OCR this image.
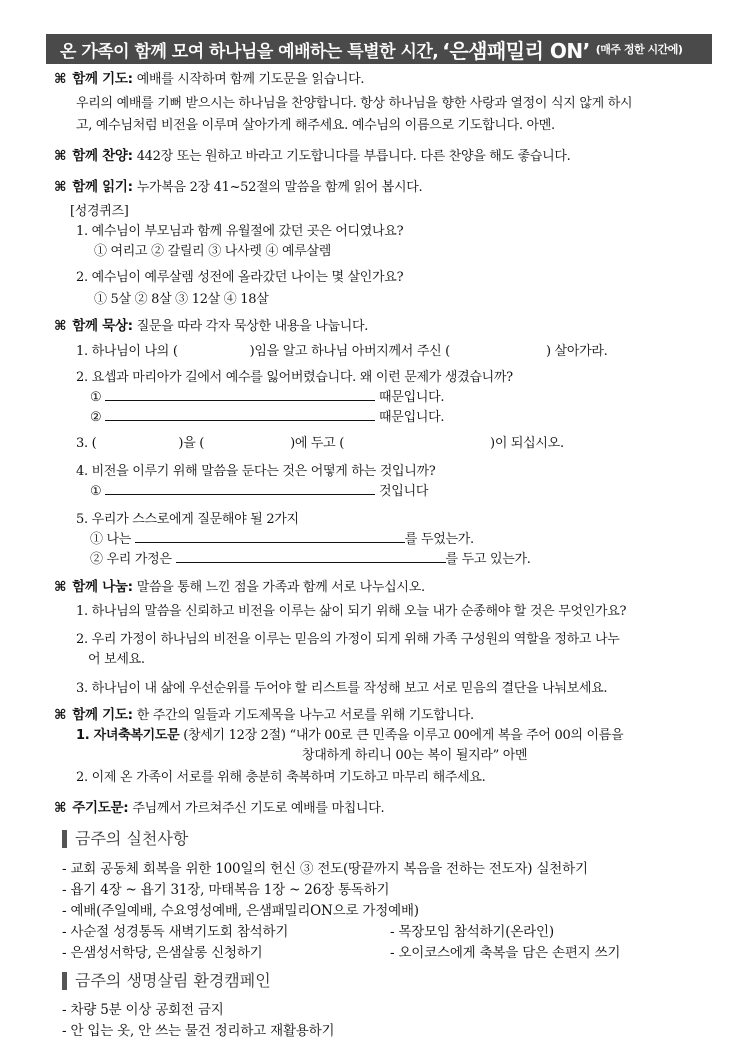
온 가족이 함께 모여 하나님을 예배하는 특별한 시간, ‘은샘패밀리 ON’ (매주 정한 시간에)
⌘ 함께 기도: 예배를 시작하며 함께 기도문을 읽습니다.
우리의 예배를 기뻐 받으시는 하나님을 찬양합니다. 항상 하나님을 향한 사랑과 열정이 식지 않게 하시
고, 예수님처럼 비전을 이루며 살아가게 해주세요. 예수님의 이름으로 기도합니다. 아멘.
⌘ 함께 찬양: 442장 또는 원하고 바라고 기도합니다를 부릅니다. 다른 찬양을 해도 좋습니다.
⌘ 함께 읽기: 누가복음 2장 41~52절의 말씀을 함께 읽어 봅시다.
[성경퀴즈]
1. 예수님이 부모님과 함께 유월절에 갔던 곳은 어디였나요?
① 여리고 ② 갈릴리 ③ 나사렛 ④ 예루살렘
2. 예수님이 예루살렘 성전에 올라갔던 나이는 몇 살인가요?
① 5살 ② 8살 ③ 12살 ④ 18살
⌘ 함께 묵상: 질문을 따라 각자 묵상한 내용을 나눕니다.
1. 하나님이 나의 (	)임을 알고 하나님 아버지께서 주신 (	) 살아가라.
2. 요셉과 마리아가 길에서 예수를 잃어버렸습니다. 왜 이런 문제가 생겼습니까?
①	때문입니다.
②	때문입니다.
3. (	)을 (	)에 두고 (	)이 되십시오.
4. 비전을 이루기 위해 말씀을 둔다는 것은 어떻게 하는 것입니까?
①	것입니다
5. 우리가 스스로에게 질문해야 될 2가지
① 나는	를 두었는가.
② 우리 가정은	를 두고 있는가.
⌘ 함께 나눔: 말씀을 통해 느낀 점을 가족과 함께 서로 나누십시오.
1. 하나님의 말씀을 신뢰하고 비전을 이루는 삶이 되기 위해 오늘 내가 순종해야 할 것은 무엇인가요?
2. 우리 가정이 하나님의 비전을 이루는 믿음의 가정이 되게 위해 가족 구성원의 역할을 정하고 나누
어 보세요.
3. 하나님이 내 삶에 우선순위를 두어야 할 리스트를 작성해 보고 서로 믿음의 결단을 나눠보세요.
⌘ 함께 기도: 한 주간의 일들과 기도제목을 나누고 서로를 위해 기도합니다.
1. 자녀축복기도문 (창세기 12장 2절) “내가 00로 큰 민족을 이루고 00에게 복을 주어 00의 이름을
창대하게 하리니 00는 복이 될지라” 아멘
2. 이제 온 가족이 서로를 위해 충분히 축복하며 기도하고 마무리 해주세요.
⌘ 주기도문: 주님께서 가르쳐주신 기도로 예배를 마칩니다.
금주의 실천사항
- 교회 공동체 회복을 위한 100일의 헌신 ③ 전도(땅끝까지 복음을 전하는 전도자) 실천하기
- 욥기 4장 ~ 욥기 31장, 마태복음 1장 ~ 26장 통독하기
- 예배(주일예배, 수요영성예배, 은샘패밀리ON으로 가정예배)
- 사순절 성경통독 새벽기도회 참석하기	- 목장모임 참석하기(온라인)
- 은샘성서학당, 은샘살롱 신청하기	- 오이코스에게 축복을 담은 손편지 쓰기
금주의 생명살림 환경캠페인
- 차량 5분 이상 공회전 금지
- 안 입는 옷, 안 쓰는 물건 정리하고 재활용하기
